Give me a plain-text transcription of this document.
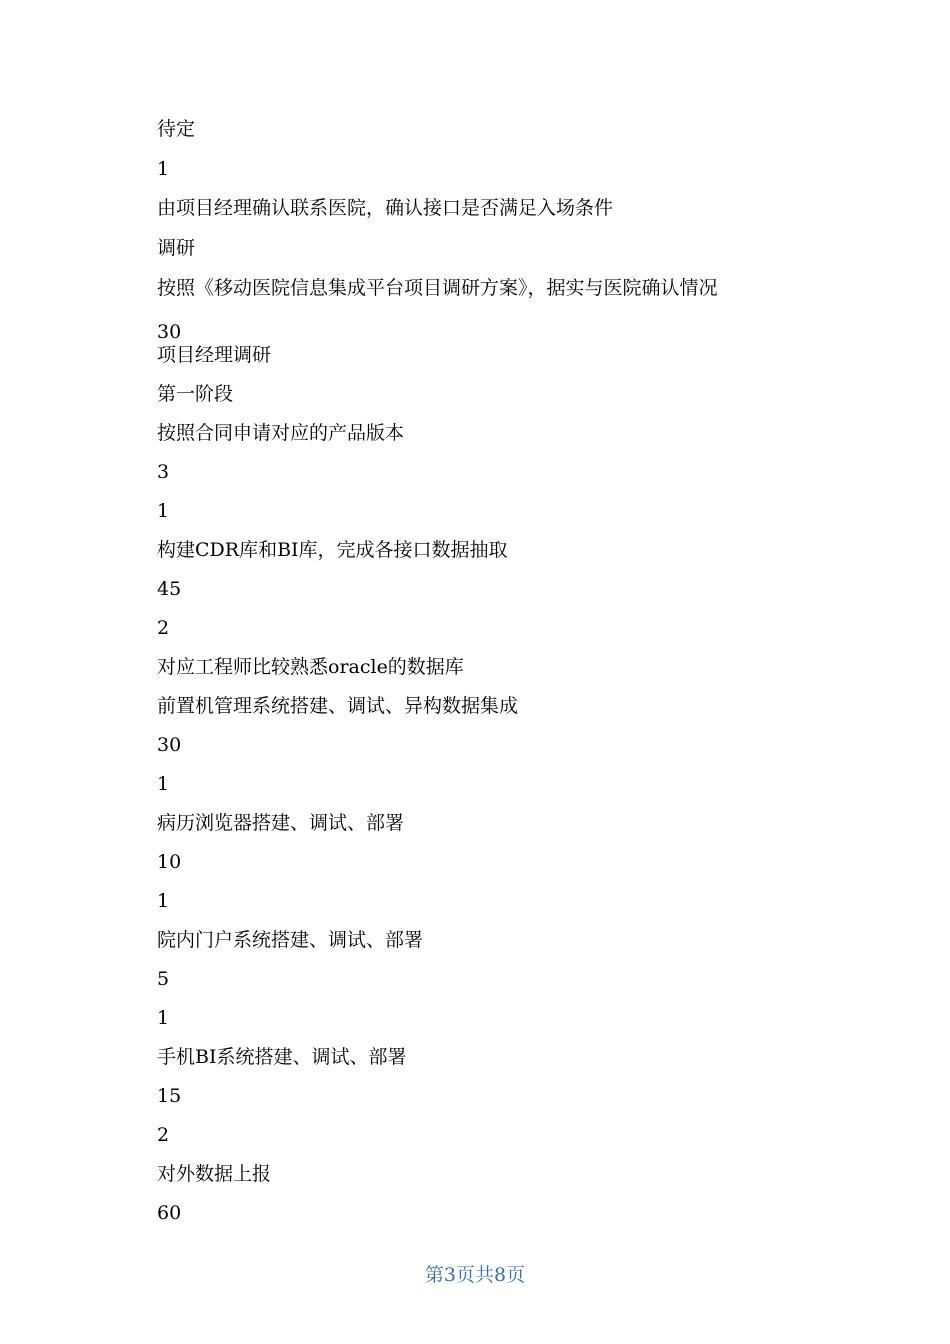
待定

1

由项目经理确认联系医院，确认接口是否满足入场条件

调研

按照《移动医院信息集成平台项目调研方案》，据实与医院确认情况

30

项目经理调研

第一阶段

按照合同申请对应的产品版本

3

1

构建CDR库和BI库，完成各接口数据抽取

45

2

对应工程师比较熟悉oracle的数据库

前置机管理系统搭建、调试、异构数据集成

30

1

病历浏览器搭建、调试、部署

10

1

院内门户系统搭建、调试、部署

5

1

手机BI系统搭建、调试、部署

15

2

对外数据上报

60

第3页共8页
